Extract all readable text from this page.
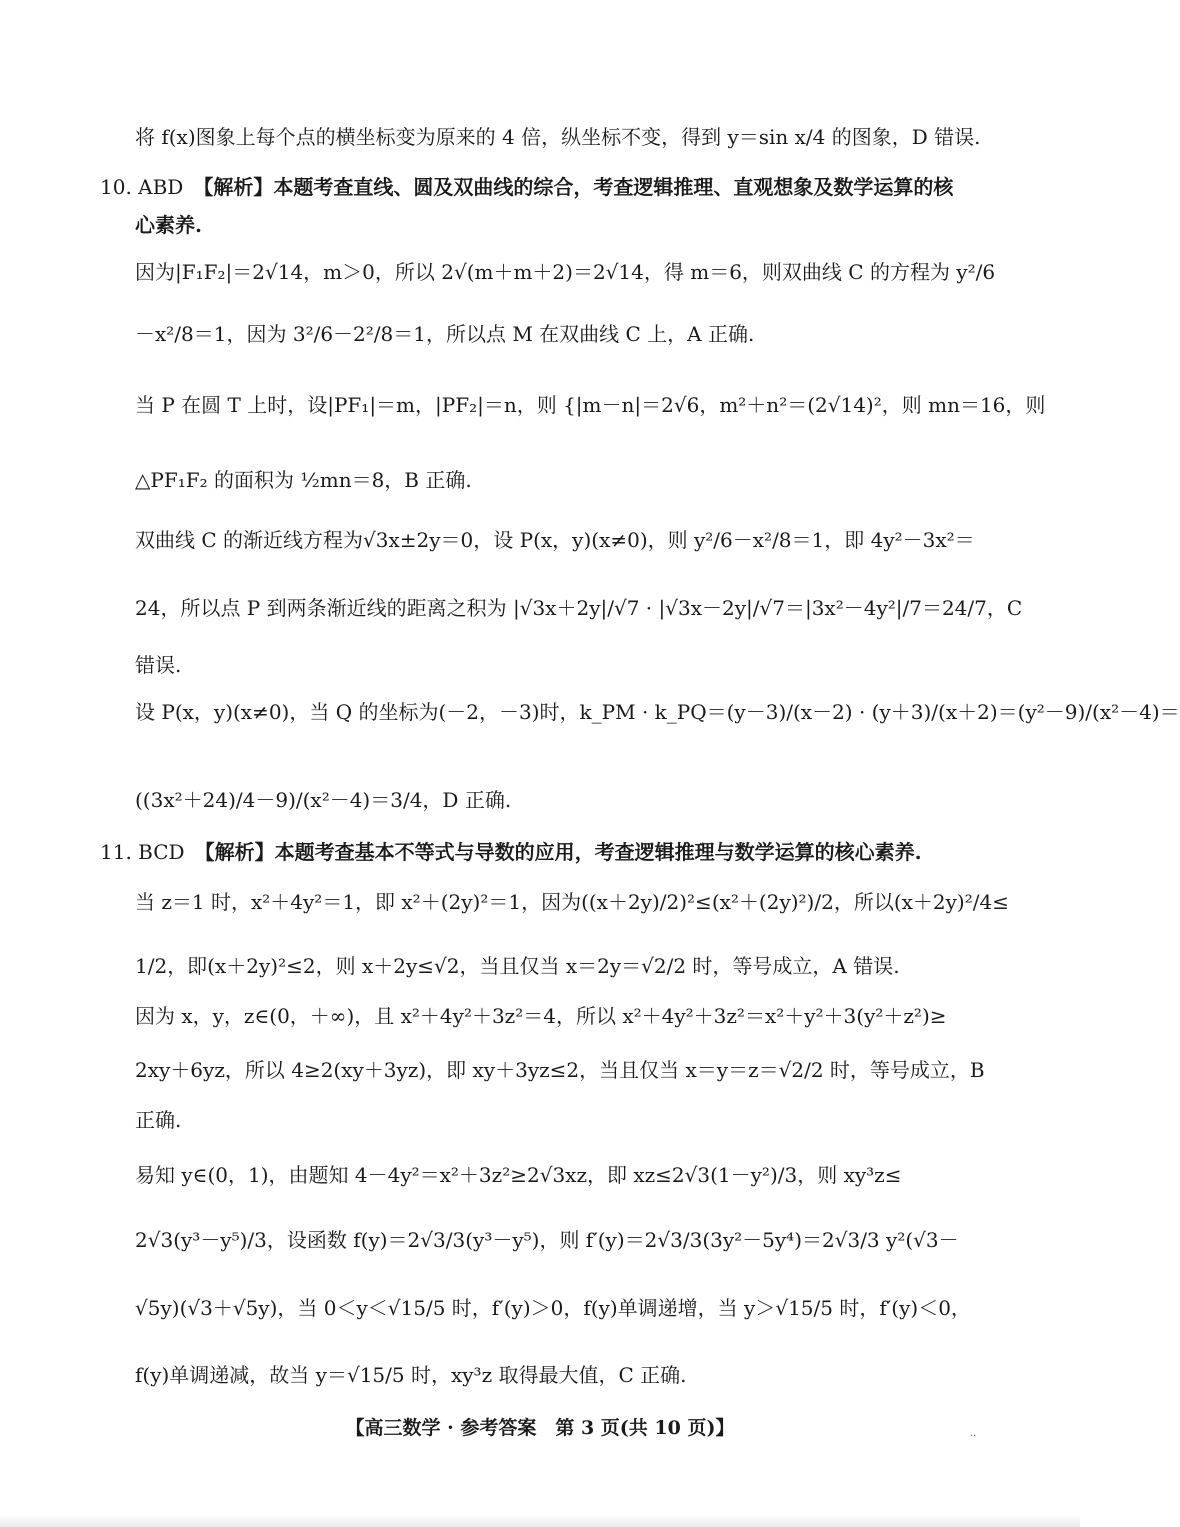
将 f(x)图象上每个点的横坐标变为原来的 4 倍，纵坐标不变，得到 y＝sin x/4 的图象，D 错误.
10. ABD 【解析】本题考查直线、圆及双曲线的综合，考查逻辑推理、直观想象及数学运算的核
心素养.
因为|F₁F₂|＝2√14，m＞0，所以 2√(m＋m＋2)＝2√14，得 m＝6，则双曲线 C 的方程为 y²/6
－x²/8＝1，因为 3²/6－2²/8＝1，所以点 M 在双曲线 C 上，A 正确.
当 P 在圆 T 上时，设|PF₁|＝m，|PF₂|＝n，则 {|m－n|＝2√6，m²＋n²＝(2√14)²，则 mn＝16，则
△PF₁F₂ 的面积为 ½mn＝8，B 正确.
双曲线 C 的渐近线方程为√3x±2y＝0，设 P(x，y)(x≠0)，则 y²/6－x²/8＝1，即 4y²－3x²＝
24，所以点 P 到两条渐近线的距离之积为 |√3x＋2y|/√7 · |√3x－2y|/√7＝|3x²－4y²|/7＝24/7，C
错误.
设 P(x，y)(x≠0)，当 Q 的坐标为(－2，－3)时，k_PM · k_PQ＝(y－3)/(x－2) · (y＋3)/(x＋2)＝(y²－9)/(x²－4)＝
((3x²＋24)/4－9)/(x²－4)＝3/4，D 正确.
11. BCD 【解析】本题考查基本不等式与导数的应用，考查逻辑推理与数学运算的核心素养.
当 z＝1 时，x²＋4y²＝1，即 x²＋(2y)²＝1，因为((x＋2y)/2)²≤(x²＋(2y)²)/2，所以(x＋2y)²/4≤
1/2，即(x＋2y)²≤2，则 x＋2y≤√2，当且仅当 x＝2y＝√2/2 时，等号成立，A 错误.
因为 x，y，z∈(0，＋∞)，且 x²＋4y²＋3z²＝4，所以 x²＋4y²＋3z²＝x²＋y²＋3(y²＋z²)≥
2xy＋6yz，所以 4≥2(xy＋3yz)，即 xy＋3yz≤2，当且仅当 x＝y＝z＝√2/2 时，等号成立，B
正确.
易知 y∈(0，1)，由题知 4－4y²＝x²＋3z²≥2√3xz，即 xz≤2√3(1－y²)/3，则 xy³z≤
2√3(y³－y⁵)/3，设函数 f(y)＝2√3/3(y³－y⁵)，则 f′(y)＝2√3/3(3y²－5y⁴)＝2√3/3 y²(√3－
√5y)(√3＋√5y)，当 0＜y＜√15/5 时，f′(y)＞0，f(y)单调递增，当 y＞√15/5 时，f′(y)＜0，
f(y)单调递减，故当 y＝√15/5 时，xy³z 取得最大值，C 正确.
【高三数学 · 参考答案　第 3 页(共 10 页)】	..
